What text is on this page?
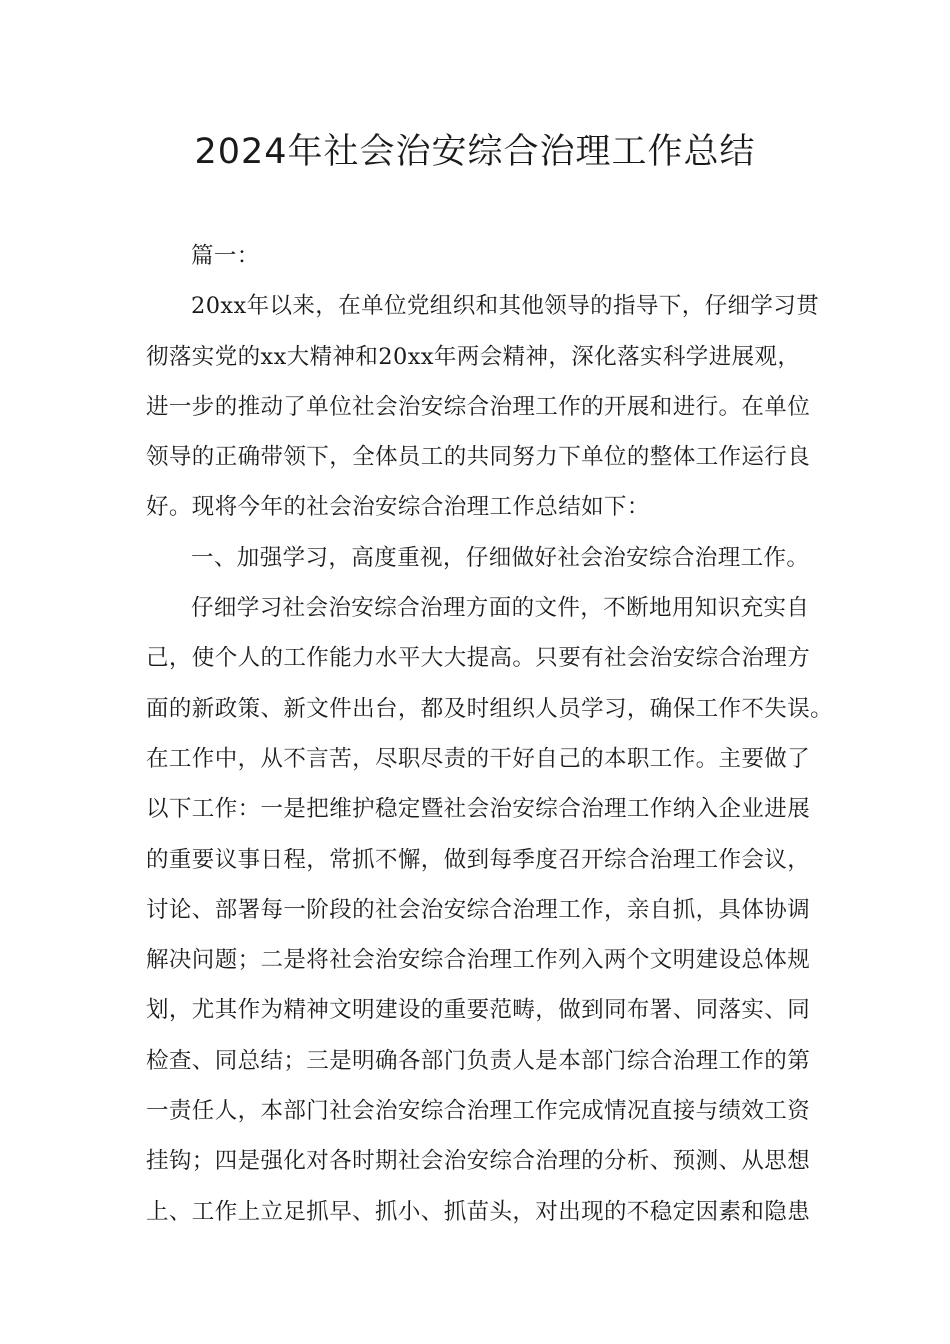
2024年社会治安综合治理工作总结
篇一：
20xx年以来，在单位党组织和其他领导的指导下，仔细学习贯
彻落实党的xx大精神和20xx年两会精神，深化落实科学进展观，
进一步的推动了单位社会治安综合治理工作的开展和进行。在单位
领导的正确带领下，全体员工的共同努力下单位的整体工作运行良
好。现将今年的社会治安综合治理工作总结如下：
一、加强学习，高度重视，仔细做好社会治安综合治理工作。
仔细学习社会治安综合治理方面的文件，不断地用知识充实自
己，使个人的工作能力水平大大提高。只要有社会治安综合治理方
面的新政策、新文件出台，都及时组织人员学习，确保工作不失误。
在工作中，从不言苦，尽职尽责的干好自己的本职工作。主要做了
以下工作：一是把维护稳定暨社会治安综合治理工作纳入企业进展
的重要议事日程，常抓不懈，做到每季度召开综合治理工作会议，
讨论、部署每一阶段的社会治安综合治理工作，亲自抓，具体协调
解决问题；二是将社会治安综合治理工作列入两个文明建设总体规
划，尤其作为精神文明建设的重要范畴，做到同布署、同落实、同
检查、同总结；三是明确各部门负责人是本部门综合治理工作的第
一责任人，本部门社会治安综合治理工作完成情况直接与绩效工资
挂钩；四是强化对各时期社会治安综合治理的分析、预测、从思想
上、工作上立足抓早、抓小、抓苗头，对出现的不稳定因素和隐患
